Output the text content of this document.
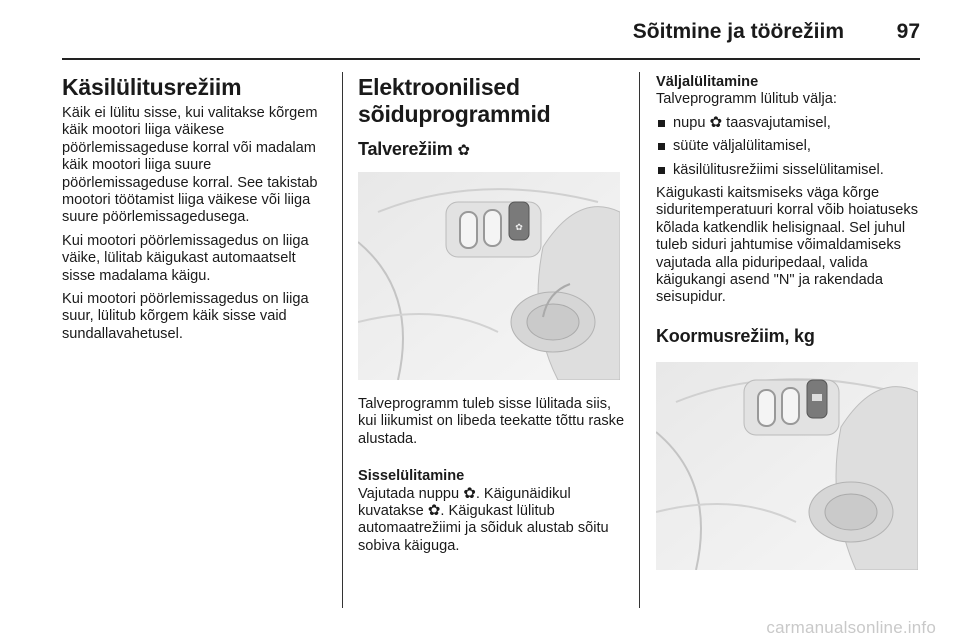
Sõitmine ja töörežiim	97
Käsilülitusrežiim

Käik ei lülitu sisse, kui valitakse kõrgem käik mootori liiga väikese pöörlemissageduse korral või madalam käik mootori liiga suure pöörlemissageduse korral. See takistab mootori töötamist liiga väikese või liiga suure pöörlemissagedusega.

Kui mootori pöörlemissagedus on liiga väike, lülitab käigukast automaatselt sisse madalama käigu.

Kui mootori pöörlemissagedus on liiga suur, lülitub kõrgem käik sisse vaid sundallavahetusel.

Elektroonilised
sõiduprogrammid
Talverežiim ✿
✿

Talveprogramm tuleb sisse lülitada siis, kui liikumist on libeda teekatte tõttu raske alustada.

Sisselülitamine

Vajutada nuppu ✿. Käigunäidikul kuvatakse ✿. Käigukast lülitub automaatrežiimi ja sõiduk alustab sõitu sobiva käiguga.

Väljalülitamine

Talveprogramm lülitub välja:

nupu ✿ taasvajutamisel,
süüte väljalülitamisel,
käsilülitusrežiimi sisselülitamisel.

Käigukasti kaitsmiseks väga kõrge siduritemperatuuri korral võib hoiatuseks kõlada katkendlik helisignaal. Sel juhul tuleb siduri jahtumise võimaldamiseks vajutada alla piduripedaal, valida käigukangi asend "N" ja rakendada seisupidur.

Koormusrežiim, kg
carmanualsonline.info
